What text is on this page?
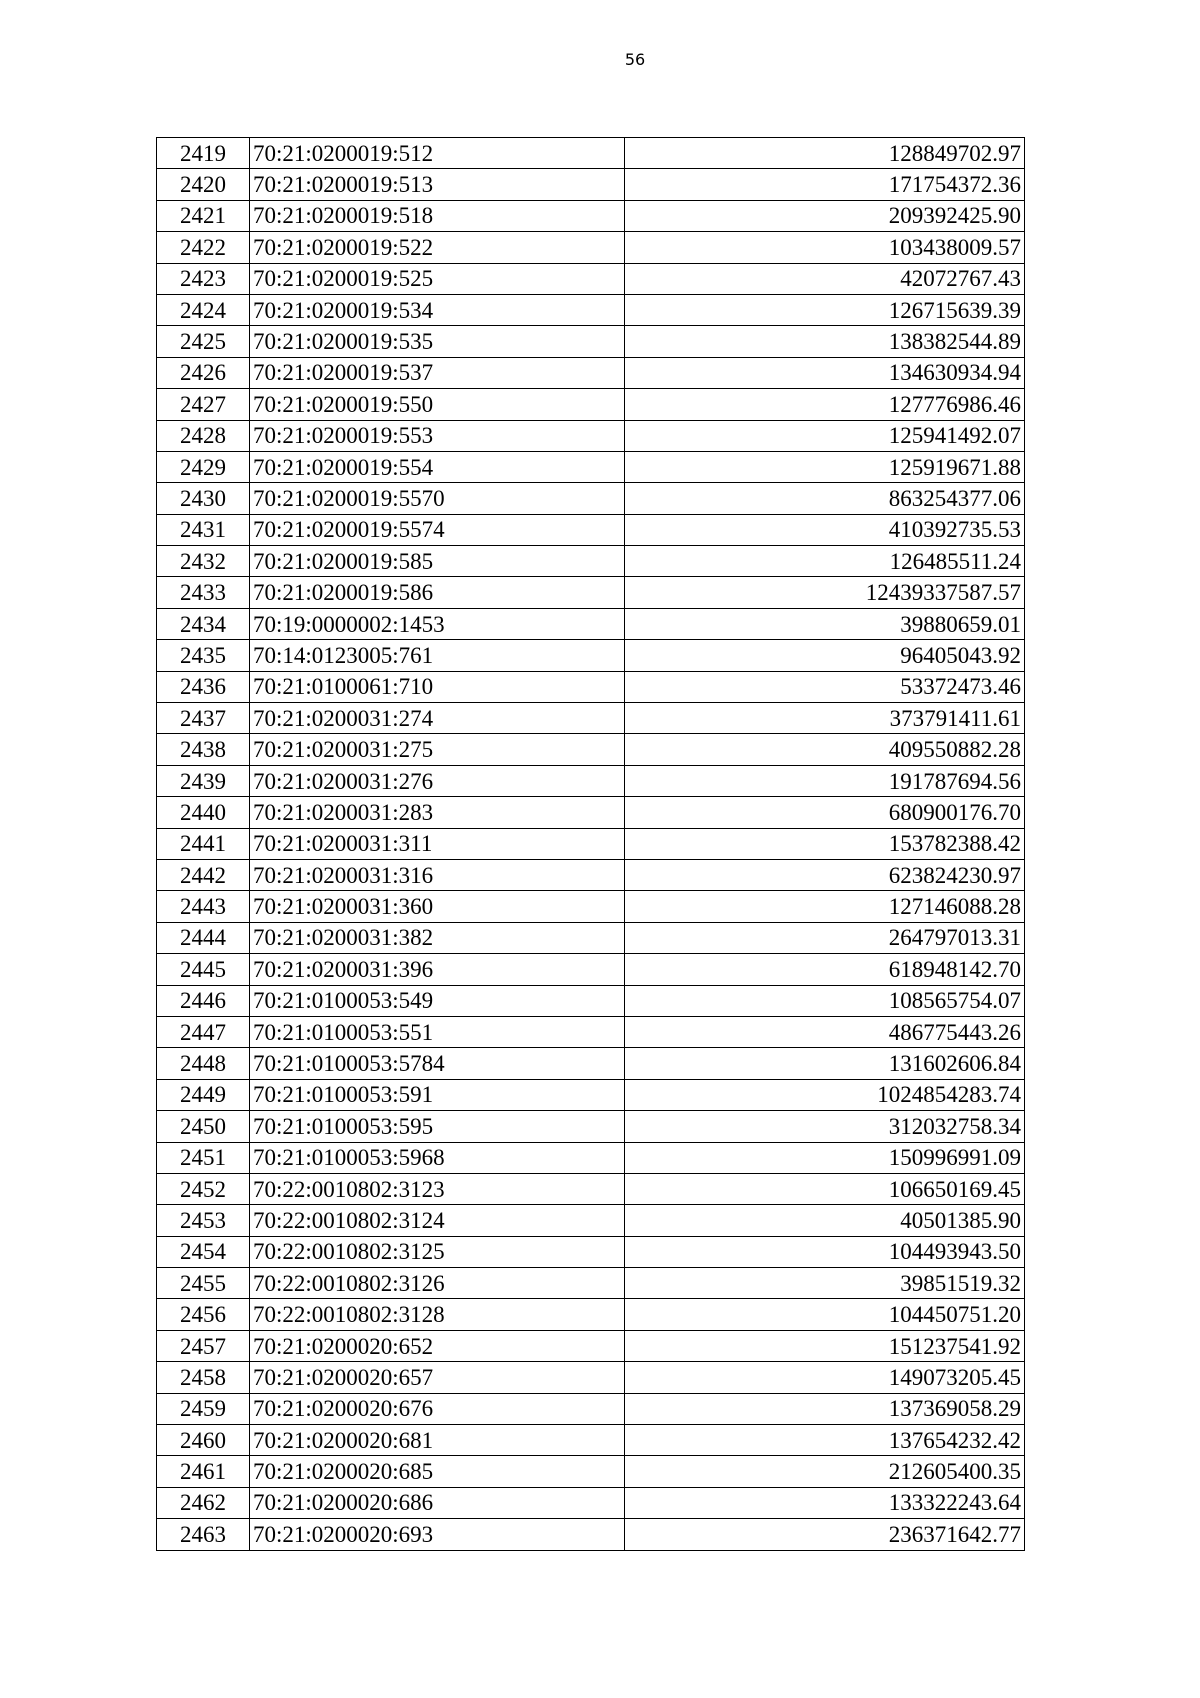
56
2419	70:21:0200019:512	128849702.97
2420	70:21:0200019:513	171754372.36
2421	70:21:0200019:518	209392425.90
2422	70:21:0200019:522	103438009.57
2423	70:21:0200019:525	42072767.43
2424	70:21:0200019:534	126715639.39
2425	70:21:0200019:535	138382544.89
2426	70:21:0200019:537	134630934.94
2427	70:21:0200019:550	127776986.46
2428	70:21:0200019:553	125941492.07
2429	70:21:0200019:554	125919671.88
2430	70:21:0200019:5570	863254377.06
2431	70:21:0200019:5574	410392735.53
2432	70:21:0200019:585	126485511.24
2433	70:21:0200019:586	12439337587.57
2434	70:19:0000002:1453	39880659.01
2435	70:14:0123005:761	96405043.92
2436	70:21:0100061:710	53372473.46
2437	70:21:0200031:274	373791411.61
2438	70:21:0200031:275	409550882.28
2439	70:21:0200031:276	191787694.56
2440	70:21:0200031:283	680900176.70
2441	70:21:0200031:311	153782388.42
2442	70:21:0200031:316	623824230.97
2443	70:21:0200031:360	127146088.28
2444	70:21:0200031:382	264797013.31
2445	70:21:0200031:396	618948142.70
2446	70:21:0100053:549	108565754.07
2447	70:21:0100053:551	486775443.26
2448	70:21:0100053:5784	131602606.84
2449	70:21:0100053:591	1024854283.74
2450	70:21:0100053:595	312032758.34
2451	70:21:0100053:5968	150996991.09
2452	70:22:0010802:3123	106650169.45
2453	70:22:0010802:3124	40501385.90
2454	70:22:0010802:3125	104493943.50
2455	70:22:0010802:3126	39851519.32
2456	70:22:0010802:3128	104450751.20
2457	70:21:0200020:652	151237541.92
2458	70:21:0200020:657	149073205.45
2459	70:21:0200020:676	137369058.29
2460	70:21:0200020:681	137654232.42
2461	70:21:0200020:685	212605400.35
2462	70:21:0200020:686	133322243.64
2463	70:21:0200020:693	236371642.77
